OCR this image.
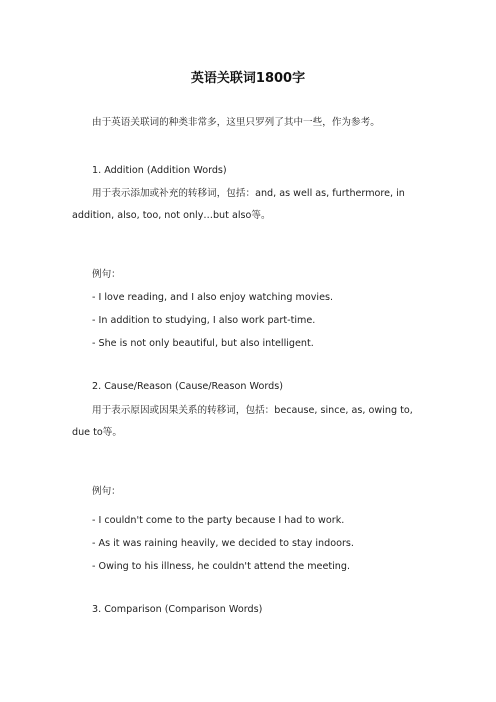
英语关联词1800字
由于英语关联词的种类非常多，这里只罗列了其中一些，作为参考。
1. Addition (Addition Words)
用于表示添加或补充的转移词，包括：and, as well as, furthermore, in addition, also, too, not only…but also等。
例句：
- I love reading, and I also enjoy watching movies.
- In addition to studying, I also work part-time.
- She is not only beautiful, but also intelligent.
2. Cause/Reason (Cause/Reason Words)
用于表示原因或因果关系的转移词，包括：because, since, as, owing to, due to等。
例句：
- I couldn't come to the party because I had to work.
- As it was raining heavily, we decided to stay indoors.
- Owing to his illness, he couldn't attend the meeting.
3. Comparison (Comparison Words)
